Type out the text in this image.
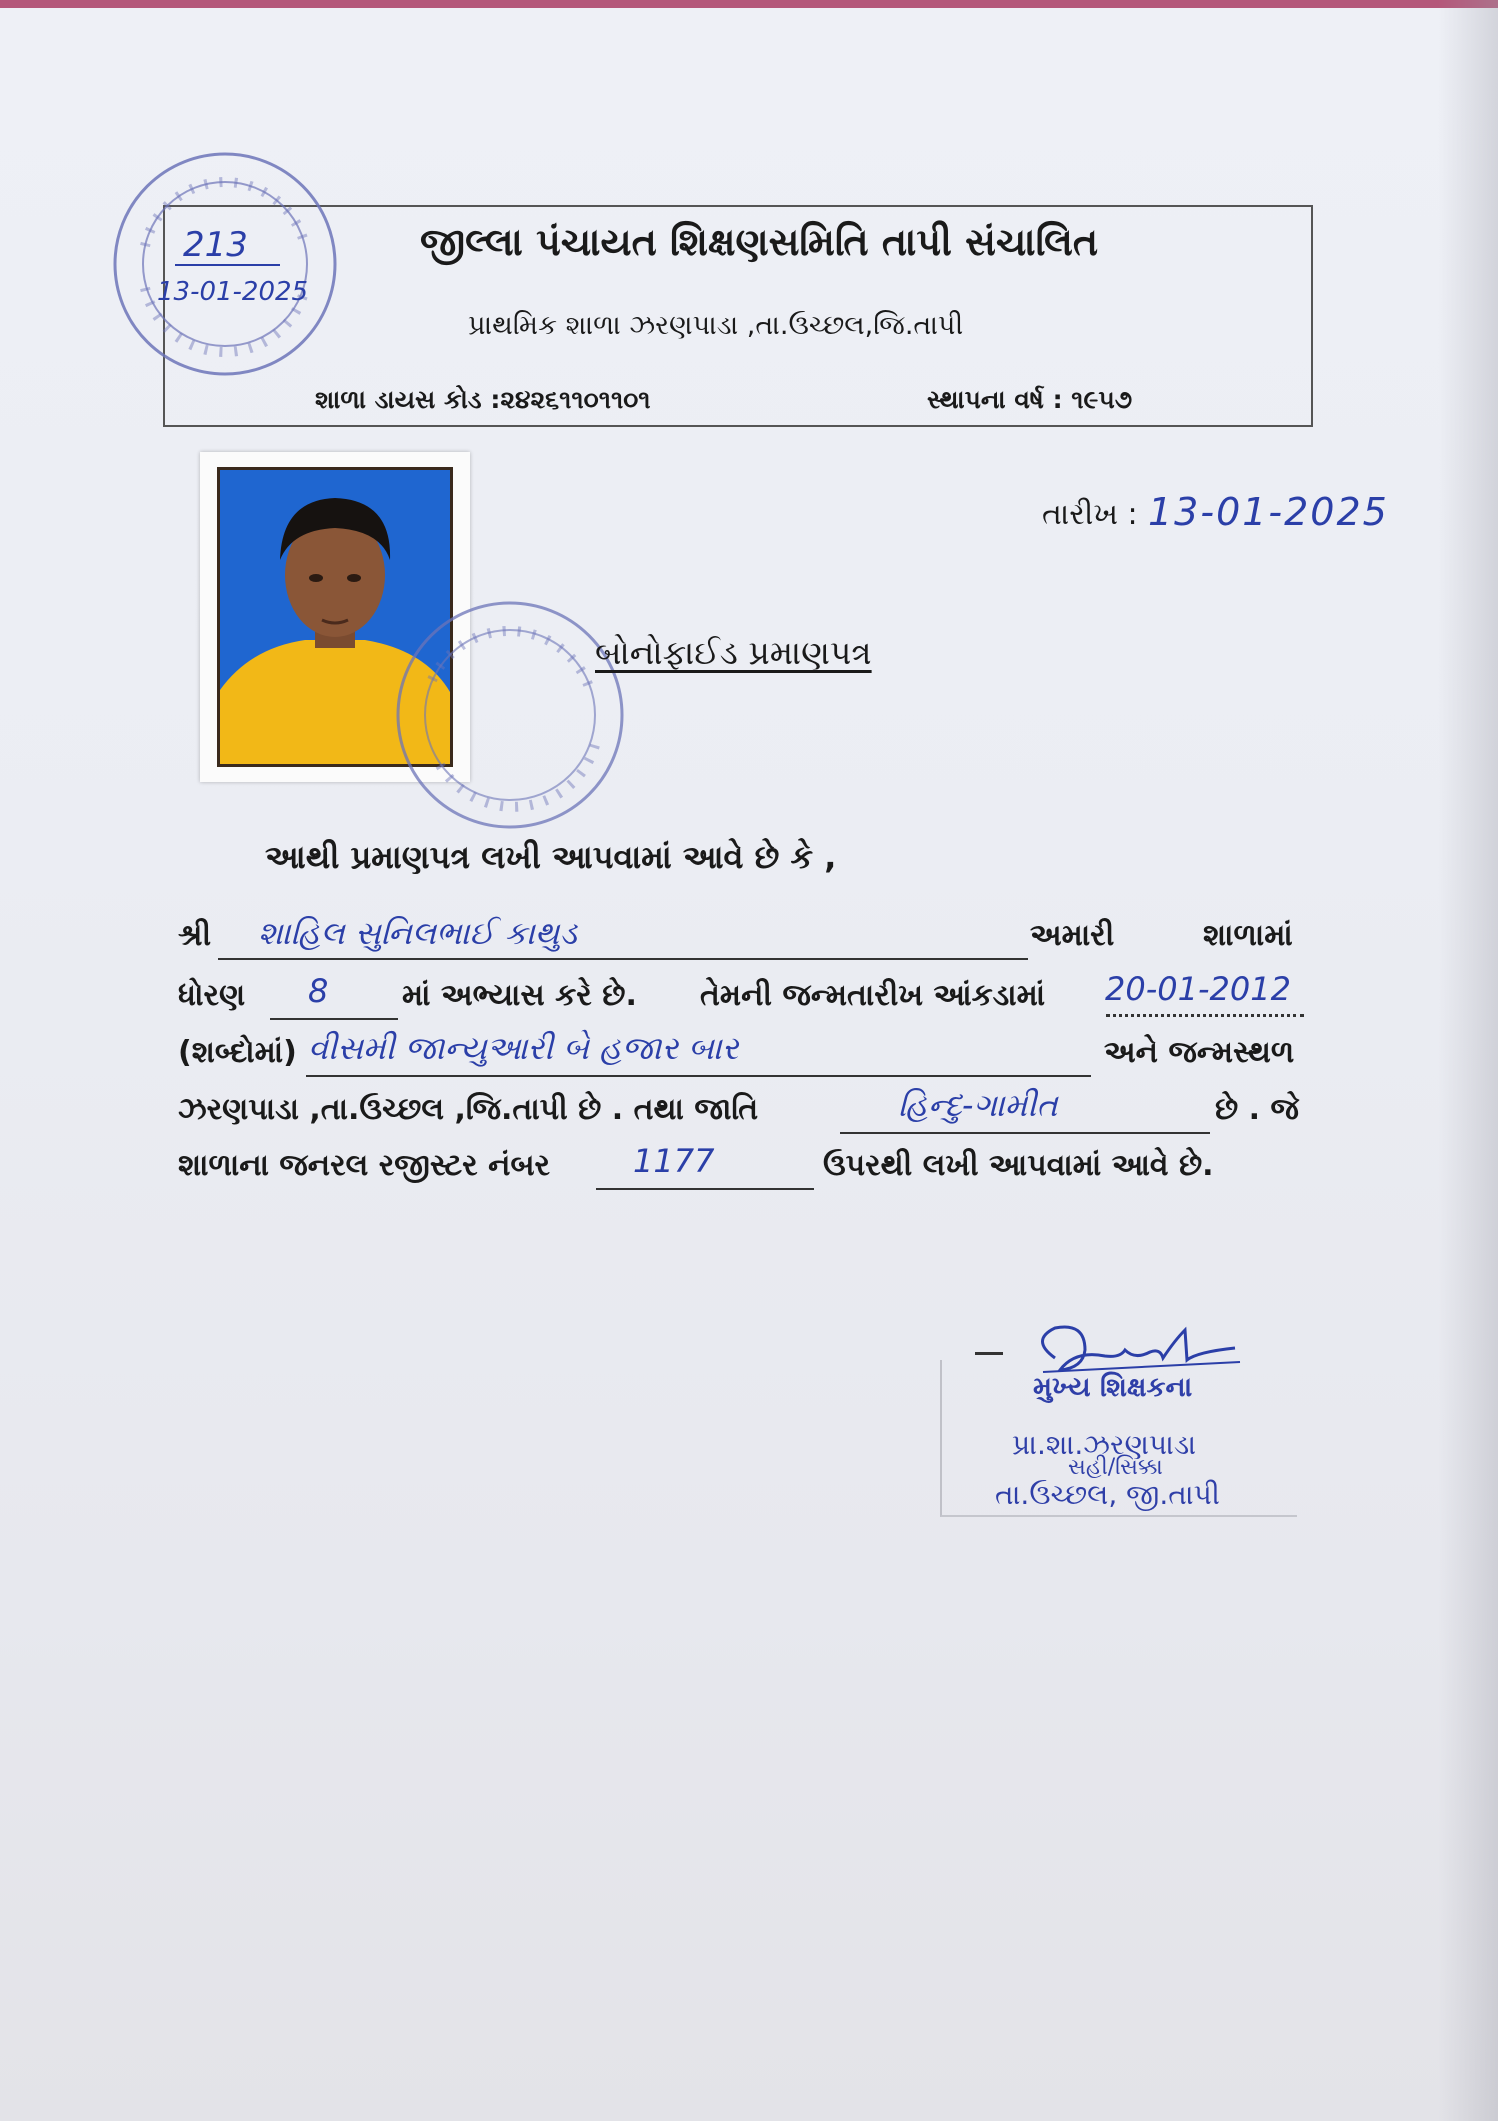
જીલ્લા પંચાયત શિક્ષણસમિતિ તાપી સંચાલિત
પ્રાથમિક શાળા ઝરણપાડા ,તા.ઉચ્છલ,જિ.તાપી
શાળા ડાયસ કોડ :૨૪૨૬૧૧૦૧૧૦૧	સ્થાપના વર્ષ : ૧૯૫૭
213
13-01-2025
તારીખ : 13-01-2025
બોનોફાઈડ પ્રમાણપત્ર
આથી પ્રમાણપત્ર લખી આપવામાં આવે છે કે ,
શ્રી શાહિલ સુનિલભાઈ કાથુડ	અમારી	શાળામાં
ધોરણ 8 માં અભ્યાસ કરે છે. તેમની જન્મતારીખ આંકડામાં 20-01-2012
(શબ્દોમાં) વીસમી જાન્યુઆરી બે હજાર બાર	અને જન્મસ્થળ
ઝરણપાડા ,તા.ઉચ્છલ ,જિ.તાપી છે . તથા જાતિ	હિન્દુ-ગામીત	છે . જે
શાળાના જનરલ રજીસ્ટર નંબર	1177	ઉપરથી લખી આપવામાં આવે છે.
મુખ્ય શિક્ષકના
પ્રા.શા.ઝરણપાડા
સહી/સિક્કા
તા.ઉચ્છલ, જી.તાપી
